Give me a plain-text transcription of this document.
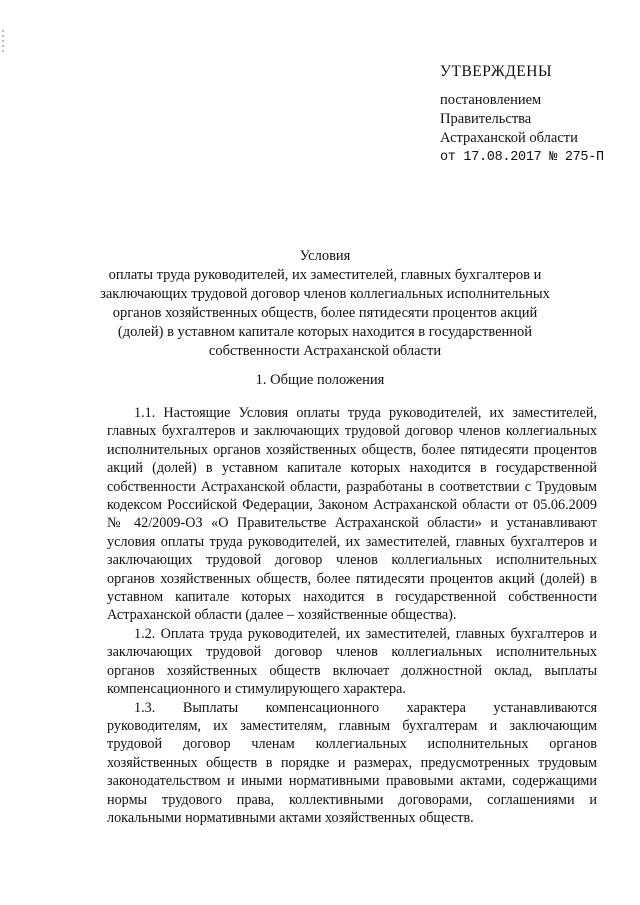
УТВЕРЖДЕНЫ
постановлением
Правительства
Астраханской области
от 17.08.2017 № 275-П
Условия
оплаты труда руководителей, их заместителей, главных бухгалтеров и заключающих трудовой договор членов коллегиальных исполнительных органов хозяйственных обществ, более пятидесяти процентов акций (долей) в уставном капитале которых находится в государственной собственности Астраханской области
1. Общие положения

1.1. Настоящие Условия оплаты труда руководителей, их заместителей, главных бухгалтеров и заключающих трудовой договор членов коллегиальных исполнительных органов хозяйственных обществ, более пятидесяти процентов акций (долей) в уставном капитале которых находится в государственной собственности Астраханской области, разработаны в соответствии с Трудовым кодексом Российской Федерации, Законом Астраханской области от 05.06.2009 № 42/2009-ОЗ «О Правительстве Астраханской области» и устанавливают условия оплаты труда руководителей, их заместителей, главных бухгалтеров и заключающих трудовой договор членов коллегиальных исполнительных органов хозяйственных обществ, более пятидесяти процентов акций (долей) в уставном капитале которых находится в государственной собственности Астраханской области (далее – хозяйственные общества).

1.2. Оплата труда руководителей, их заместителей, главных бухгалтеров и заключающих трудовой договор членов коллегиальных исполнительных органов хозяйственных обществ включает должностной оклад, выплаты компенсационного и стимулирующего характера.

1.3. Выплаты компенсационного характера устанавливаются руководителям, их заместителям, главным бухгалтерам и заключающим трудовой договор членам коллегиальных исполнительных органов хозяйственных обществ в порядке и размерах, предусмотренных трудовым законодательством и иными нормативными правовыми актами, содержащими нормы трудового права, коллективными договорами, соглашениями и локальными нормативными актами хозяйственных обществ.
